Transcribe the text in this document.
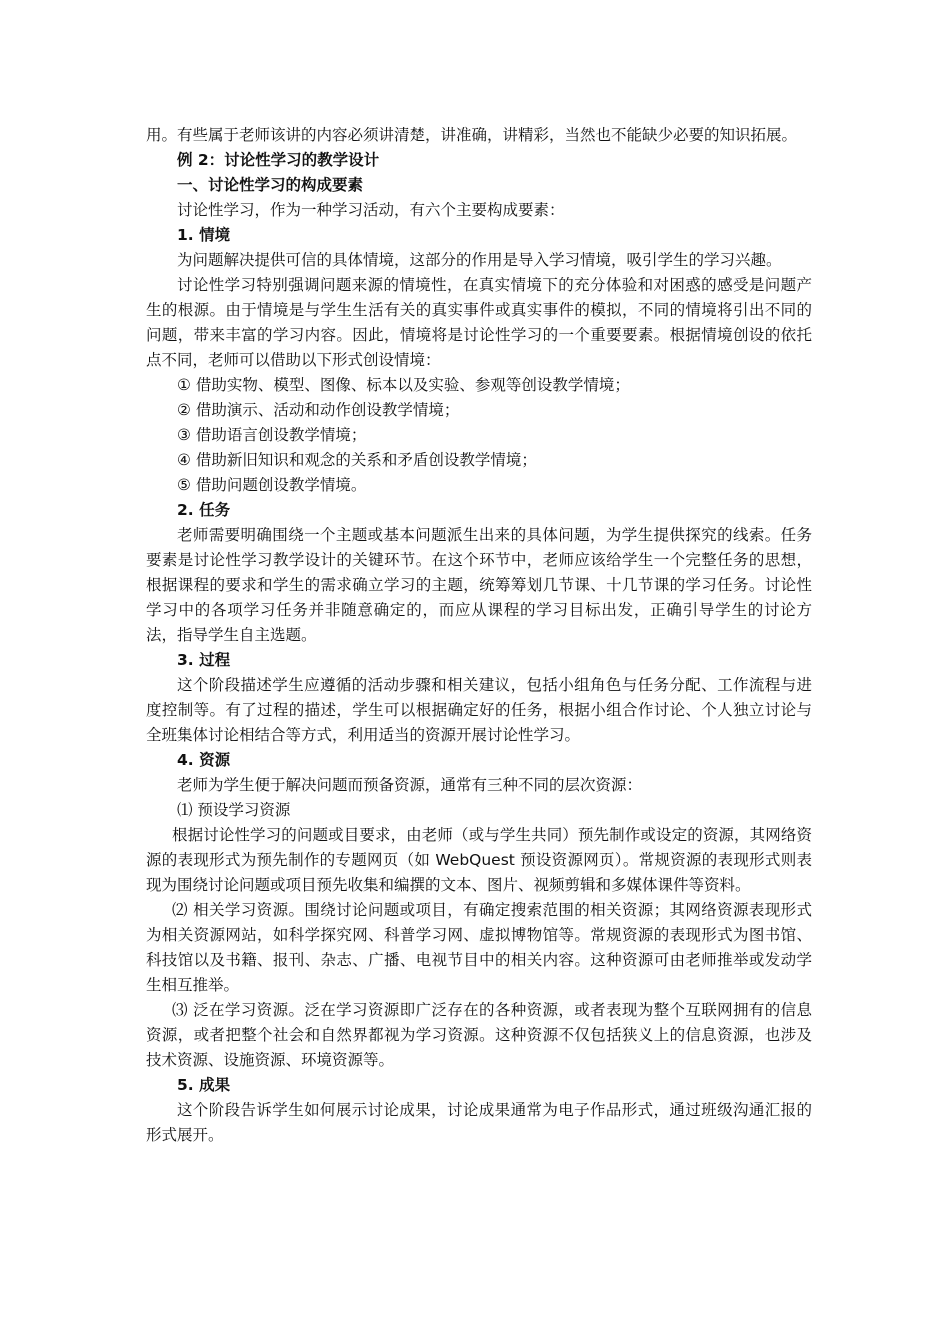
用。有些属于老师该讲的内容必须讲清楚，讲准确，讲精彩，当然也不能缺少必要的知识拓展。

例 2：讨论性学习的教学设计

一、讨论性学习的构成要素

讨论性学习，作为一种学习活动，有六个主要构成要素：

1. 情境

为问题解决提供可信的具体情境，这部分的作用是导入学习情境，吸引学生的学习兴趣。

讨论性学习特别强调问题来源的情境性，在真实情境下的充分体验和对困惑的感受是问题产生的根源。由于情境是与学生生活有关的真实事件或真实事件的模拟，不同的情境将引出不同的问题，带来丰富的学习内容。因此，情境将是讨论性学习的一个重要要素。根据情境创设的依托点不同，老师可以借助以下形式创设情境：

① 借助实物、模型、图像、标本以及实验、参观等创设教学情境；

② 借助演示、活动和动作创设教学情境；

③ 借助语言创设教学情境；

④ 借助新旧知识和观念的关系和矛盾创设教学情境；

⑤ 借助问题创设教学情境。

2. 任务

老师需要明确围绕一个主题或基本问题派生出来的具体问题，为学生提供探究的线索。任务要素是讨论性学习教学设计的关键环节。在这个环节中，老师应该给学生一个完整任务的思想，根据课程的要求和学生的需求确立学习的主题，统筹筹划几节课、十几节课的学习任务。讨论性学习中的各项学习任务并非随意确定的，而应从课程的学习目标出发，正确引导学生的讨论方法，指导学生自主选题。

3. 过程

这个阶段描述学生应遵循的活动步骤和相关建议，包括小组角色与任务分配、工作流程与进度控制等。有了过程的描述，学生可以根据确定好的任务，根据小组合作讨论、个人独立讨论与全班集体讨论相结合等方式，利用适当的资源开展讨论性学习。

4. 资源

老师为学生便于解决问题而预备资源，通常有三种不同的层次资源：

⑴ 预设学习资源

根据讨论性学习的问题或目要求，由老师（或与学生共同）预先制作或设定的资源，其网络资源的表现形式为预先制作的专题网页（如 WebQuest 预设资源网页）。常规资源的表现形式则表现为围绕讨论问题或项目预先收集和编撰的文本、图片、视频剪辑和多媒体课件等资料。

⑵ 相关学习资源。围绕讨论问题或项目，有确定搜索范围的相关资源；其网络资源表现形式为相关资源网站，如科学探究网、科普学习网、虚拟博物馆等。常规资源的表现形式为图书馆、科技馆以及书籍、报刊、杂志、广播、电视节目中的相关内容。这种资源可由老师推举或发动学生相互推举。

⑶ 泛在学习资源。泛在学习资源即广泛存在的各种资源，或者表现为整个互联网拥有的信息资源，或者把整个社会和自然界都视为学习资源。这种资源不仅包括狭义上的信息资源，也涉及技术资源、设施资源、环境资源等。

5. 成果

这个阶段告诉学生如何展示讨论成果，讨论成果通常为电子作品形式，通过班级沟通汇报的形式展开。
